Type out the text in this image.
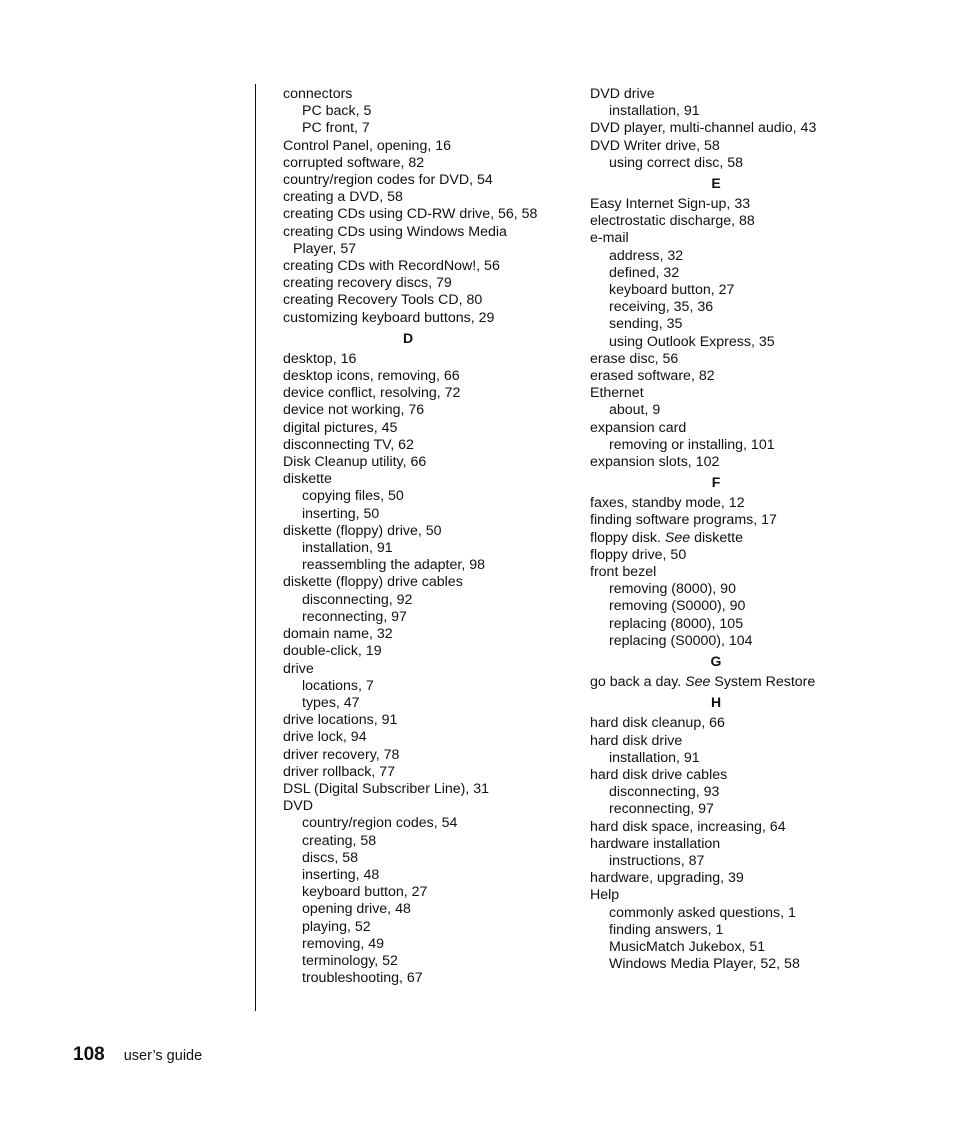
connectors
PC back, 5
PC front, 7
Control Panel, opening, 16
corrupted software, 82
country/region codes for DVD, 54
creating a DVD, 58
creating CDs using CD-RW drive, 56, 58
creating CDs using Windows Media
Player, 57
creating CDs with RecordNow!, 56
creating recovery discs, 79
creating Recovery Tools CD, 80
customizing keyboard buttons, 29
D
desktop, 16
desktop icons, removing, 66
device conflict, resolving, 72
device not working, 76
digital pictures, 45
disconnecting TV, 62
Disk Cleanup utility, 66
diskette
copying files, 50
inserting, 50
diskette (floppy) drive, 50
installation, 91
reassembling the adapter, 98
diskette (floppy) drive cables
disconnecting, 92
reconnecting, 97
domain name, 32
double-click, 19
drive
locations, 7
types, 47
drive locations, 91
drive lock, 94
driver recovery, 78
driver rollback, 77
DSL (Digital Subscriber Line), 31
DVD
country/region codes, 54
creating, 58
discs, 58
inserting, 48
keyboard button, 27
opening drive, 48
playing, 52
removing, 49
terminology, 52
troubleshooting, 67
DVD drive
installation, 91
DVD player, multi-channel audio, 43
DVD Writer drive, 58
using correct disc, 58
E
Easy Internet Sign-up, 33
electrostatic discharge, 88
e-mail
address, 32
defined, 32
keyboard button, 27
receiving, 35, 36
sending, 35
using Outlook Express, 35
erase disc, 56
erased software, 82
Ethernet
about, 9
expansion card
removing or installing, 101
expansion slots, 102
F
faxes, standby mode, 12
finding software programs, 17
floppy disk. See diskette
floppy drive, 50
front bezel
removing (8000), 90
removing (S0000), 90
replacing (8000), 105
replacing (S0000), 104
G
go back a day. See System Restore
H
hard disk cleanup, 66
hard disk drive
installation, 91
hard disk drive cables
disconnecting, 93
reconnecting, 97
hard disk space, increasing, 64
hardware installation
instructions, 87
hardware, upgrading, 39
Help
commonly asked questions, 1
finding answers, 1
MusicMatch Jukebox, 51
Windows Media Player, 52, 58
108 user’s guide
